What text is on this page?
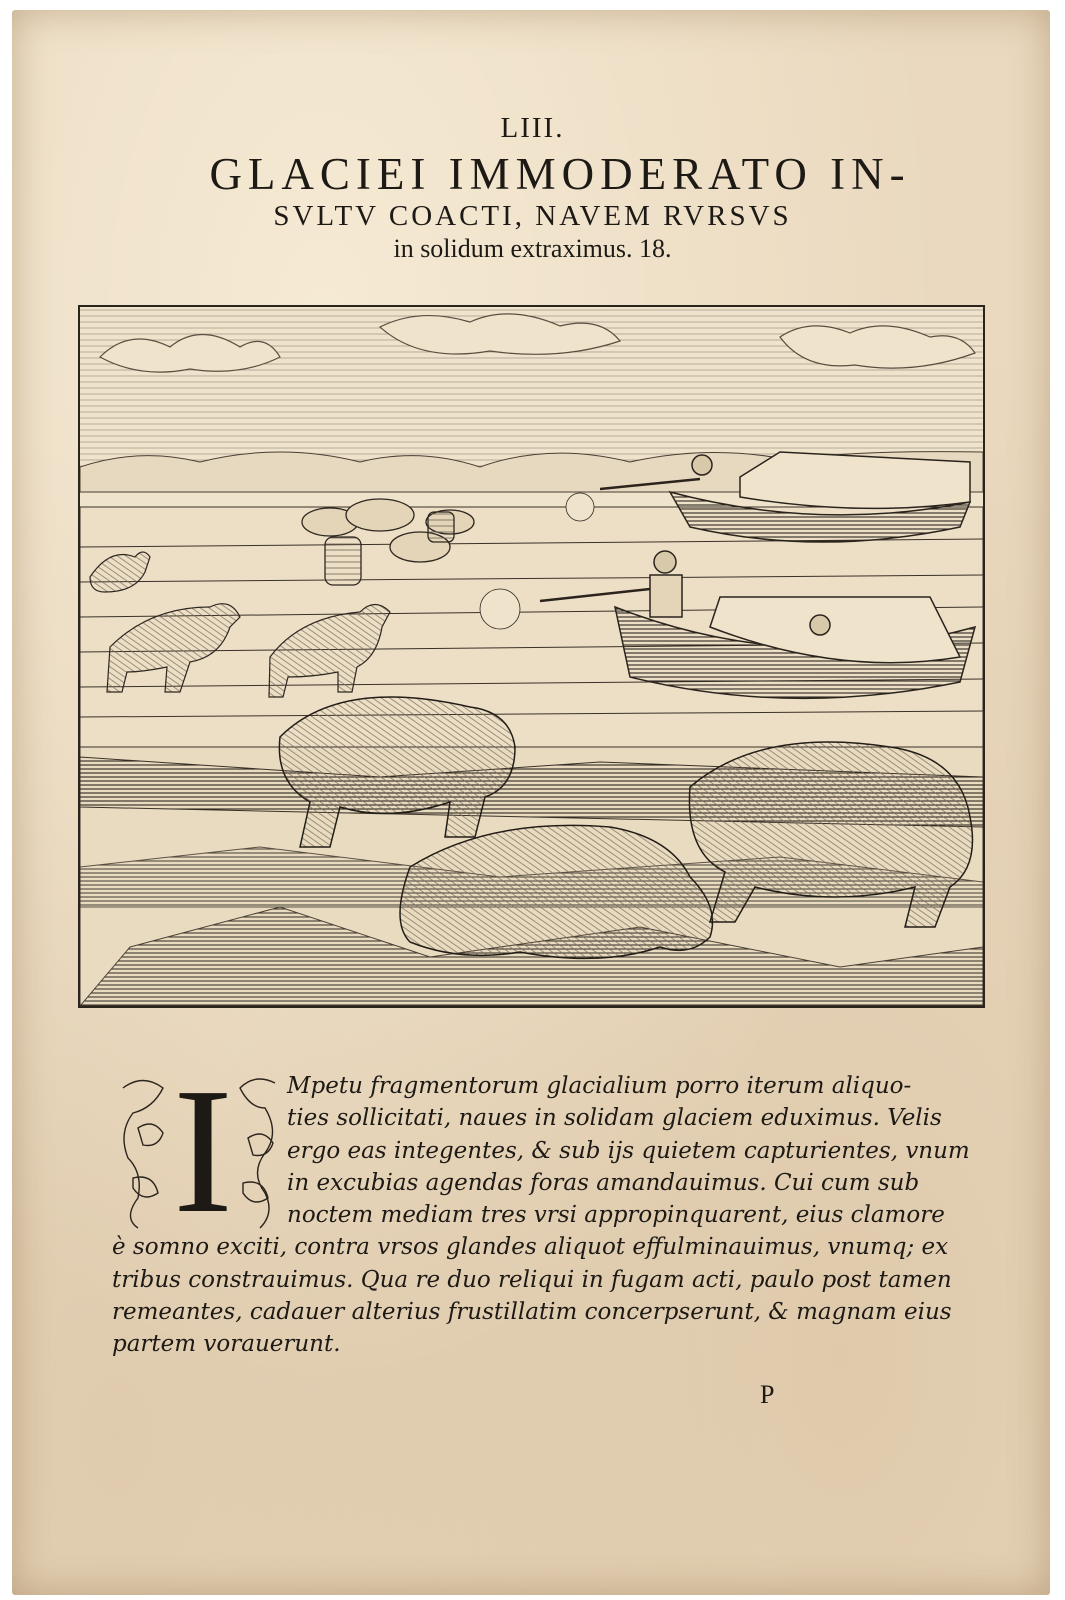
LIII.
GLACIEI IMMODERATO IN-
SVLTV COACTI, NAVEM RVRSVS
in solidum extraximus. 18.
I	Mpetu fragmentorum glacialium porro iterum aliquo-
ties sollicitati, naues in solidam glaciem eduximus. Velis
ergo eas integentes, & sub ijs quietem capturientes, vnum
in excubias agendas foras amandauimus. Cui cum sub
noctem mediam tres vrsi appropinquarent, eius clamore
è somno exciti, contra vrsos glandes aliquot effulminauimus, vnumq; ex
tribus constrauimus. Qua re duo reliqui in fugam acti, paulo post tamen
remeantes, cadauer alterius frustillatim concerpserunt, & magnam eius
partem vorauerunt.
P
